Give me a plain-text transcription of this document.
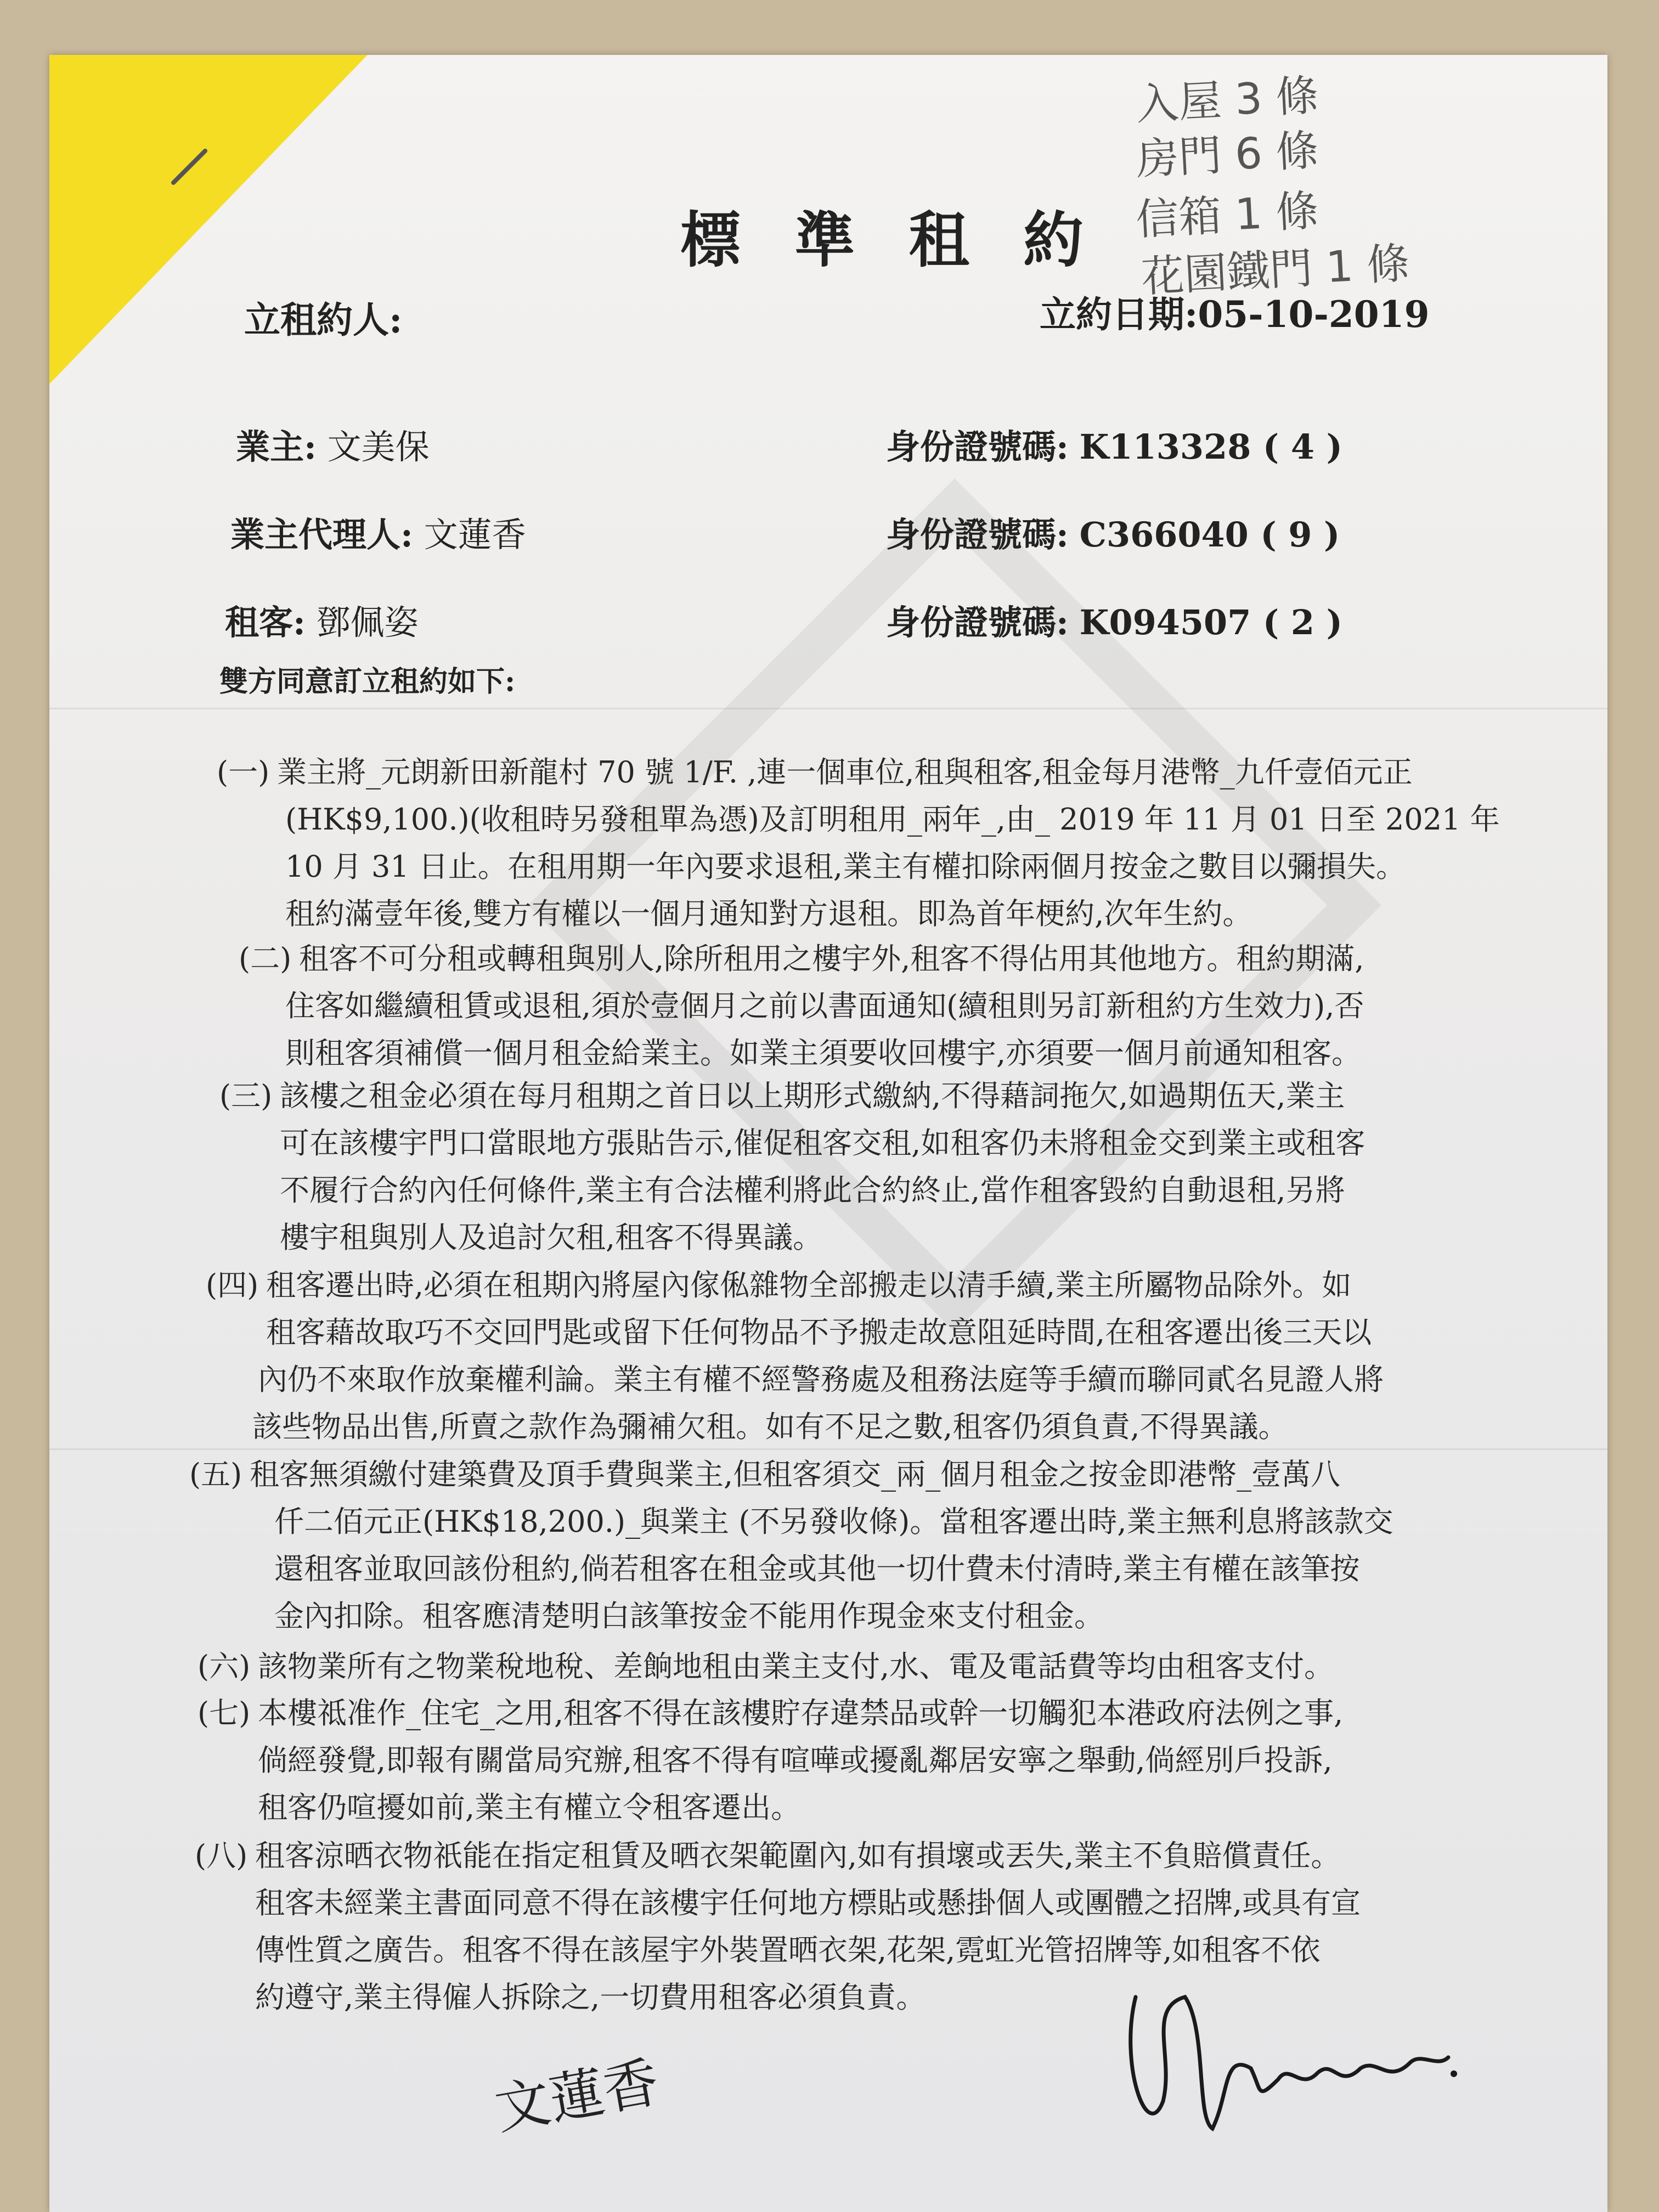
標 準 租 約
立租約人:	立約日期:05-10-2019
業主: 文美保	身份證號碼: K113328 ( 4 )
業主代理人: 文蓮香	身份證號碼: C366040 ( 9 )
租客: 鄧佩姿	身份證號碼: K094507 ( 2 )
雙方同意訂立租約如下:
(一) 業主將_元朗新田新龍村 70 號 1/F. ,連一個車位,租與租客,租金每月港幣_九仟壹佰元正
(HK$9,100.)(收租時另發租單為憑)及訂明租用_兩年_,由_ 2019 年 11 月 01 日至 2021 年
10 月 31 日止。在租用期一年內要求退租,業主有權扣除兩個月按金之數目以彌損失。
租約滿壹年後,雙方有權以一個月通知對方退租。即為首年梗約,次年生約。
(二) 租客不可分租或轉租與別人,除所租用之樓宇外,租客不得佔用其他地方。租約期滿,
住客如繼續租賃或退租,須於壹個月之前以書面通知(續租則另訂新租約方生效力),否
則租客須補償一個月租金給業主。如業主須要收回樓宇,亦須要一個月前通知租客。
(三) 該樓之租金必須在每月租期之首日以上期形式繳納,不得藉詞拖欠,如過期伍天,業主
可在該樓宇門口當眼地方張貼告示,催促租客交租,如租客仍未將租金交到業主或租客
不履行合約內任何條件,業主有合法權利將此合約終止,當作租客毀約自動退租,另將
樓宇租與別人及追討欠租,租客不得異議。
(四) 租客遷出時,必須在租期內將屋內傢俬雜物全部搬走以清手續,業主所屬物品除外。如
租客藉故取巧不交回門匙或留下任何物品不予搬走故意阻延時間,在租客遷出後三天以
內仍不來取作放棄權利論。業主有權不經警務處及租務法庭等手續而聯同貳名見證人將
該些物品出售,所賣之款作為彌補欠租。如有不足之數,租客仍須負責,不得異議。
(五) 租客無須繳付建築費及頂手費與業主,但租客須交_兩_個月租金之按金即港幣_壹萬八
仟二佰元正(HK$18,200.)_與業主 (不另發收條)。當租客遷出時,業主無利息將該款交
還租客並取回該份租約,倘若租客在租金或其他一切什費未付清時,業主有權在該筆按
金內扣除。租客應清楚明白該筆按金不能用作現金來支付租金。
(六) 該物業所有之物業稅地稅、差餉地租由業主支付,水、電及電話費等均由租客支付。
(七) 本樓祗准作_住宅_之用,租客不得在該樓貯存違禁品或幹一切觸犯本港政府法例之事,
倘經發覺,即報有關當局究辦,租客不得有喧嘩或擾亂鄰居安寧之舉動,倘經別戶投訴,
租客仍喧擾如前,業主有權立令租客遷出。
(八) 租客涼晒衣物祇能在指定租賃及晒衣架範圍內,如有損壞或丟失,業主不負賠償責任。
租客未經業主書面同意不得在該樓宇任何地方標貼或懸掛個人或團體之招牌,或具有宣
傳性質之廣告。租客不得在該屋宇外裝置晒衣架,花架,霓虹光管招牌等,如租客不依
約遵守,業主得僱人拆除之,一切費用租客必須負責。
入屋 3 條
房門 6 條
信箱 1 條
花園鐵門 1 條
文蓮香
